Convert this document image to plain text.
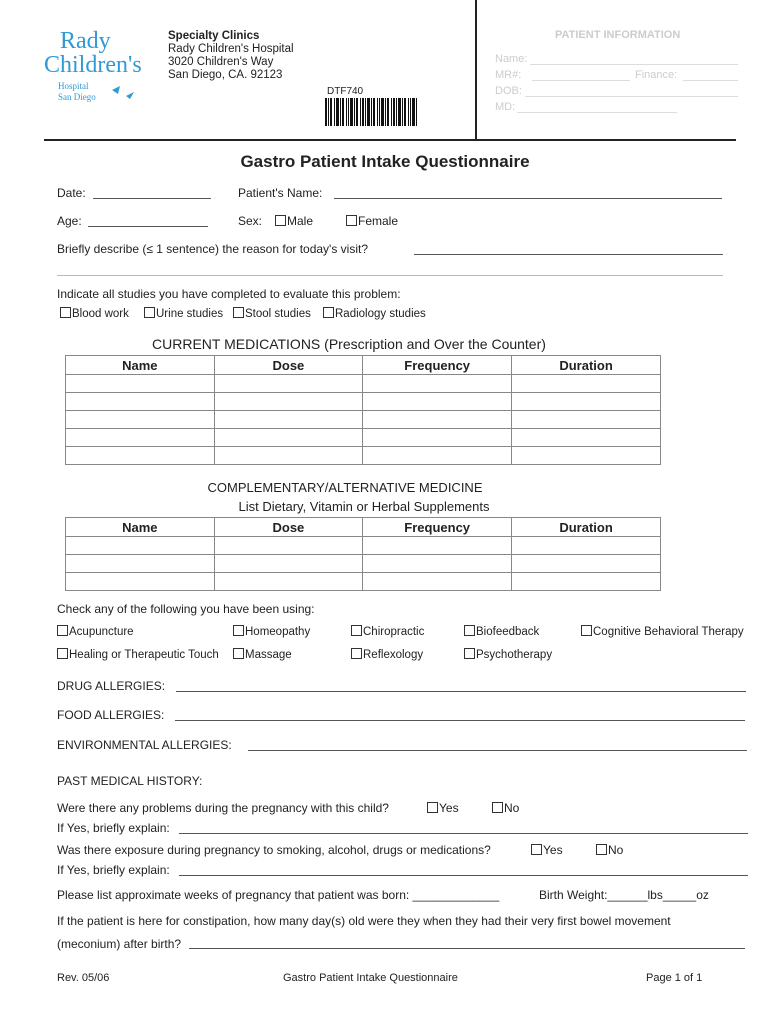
Rady
Children's
Hospital
San Diego
Specialty Clinics
Rady Children's Hospital
3020 Children's Way
San Diego, CA. 92123
DTF740
PATIENT INFORMATION
Name:
MR#:	Finance:
DOB:
MD:
Gastro Patient Intake Questionnaire
Date:	Patient's Name:
Age:	Sex:	Male	Female
Briefly describe (≤ 1 sentence) the reason for today's visit?
Indicate all studies you have completed to evaluate this problem:
Blood work	Urine studies	Stool studies	Radiology studies
CURRENT MEDICATIONS (Prescription and Over the Counter)
Name	Dose	Frequency	Duration

COMPLEMENTARY/ALTERNATIVE MEDICINE
List Dietary, Vitamin or Herbal Supplements
Name	Dose	Frequency	Duration

Check any of the following you have been using:
Acupuncture	Homeopathy	Chiropractic	Biofeedback	Cognitive Behavioral Therapy
Healing or Therapeutic Touch	Massage	Reflexology	Psychotherapy
DRUG ALLERGIES:
FOOD ALLERGIES:
ENVIRONMENTAL ALLERGIES:
PAST MEDICAL HISTORY:
Were there any problems during the pregnancy with this child?	Yes	No
If Yes, briefly explain:
Was there exposure during pregnancy to smoking, alcohol, drugs or medications?	Yes	No
If Yes, briefly explain:
Please list approximate weeks of pregnancy that patient was born: _____________	Birth Weight:______lbs_____oz
If the patient is here for constipation, how many day(s) old were they when they had their very first bowel movement
(meconium) after birth?
Rev. 05/06	Gastro Patient Intake Questionnaire	Page 1 of 1
